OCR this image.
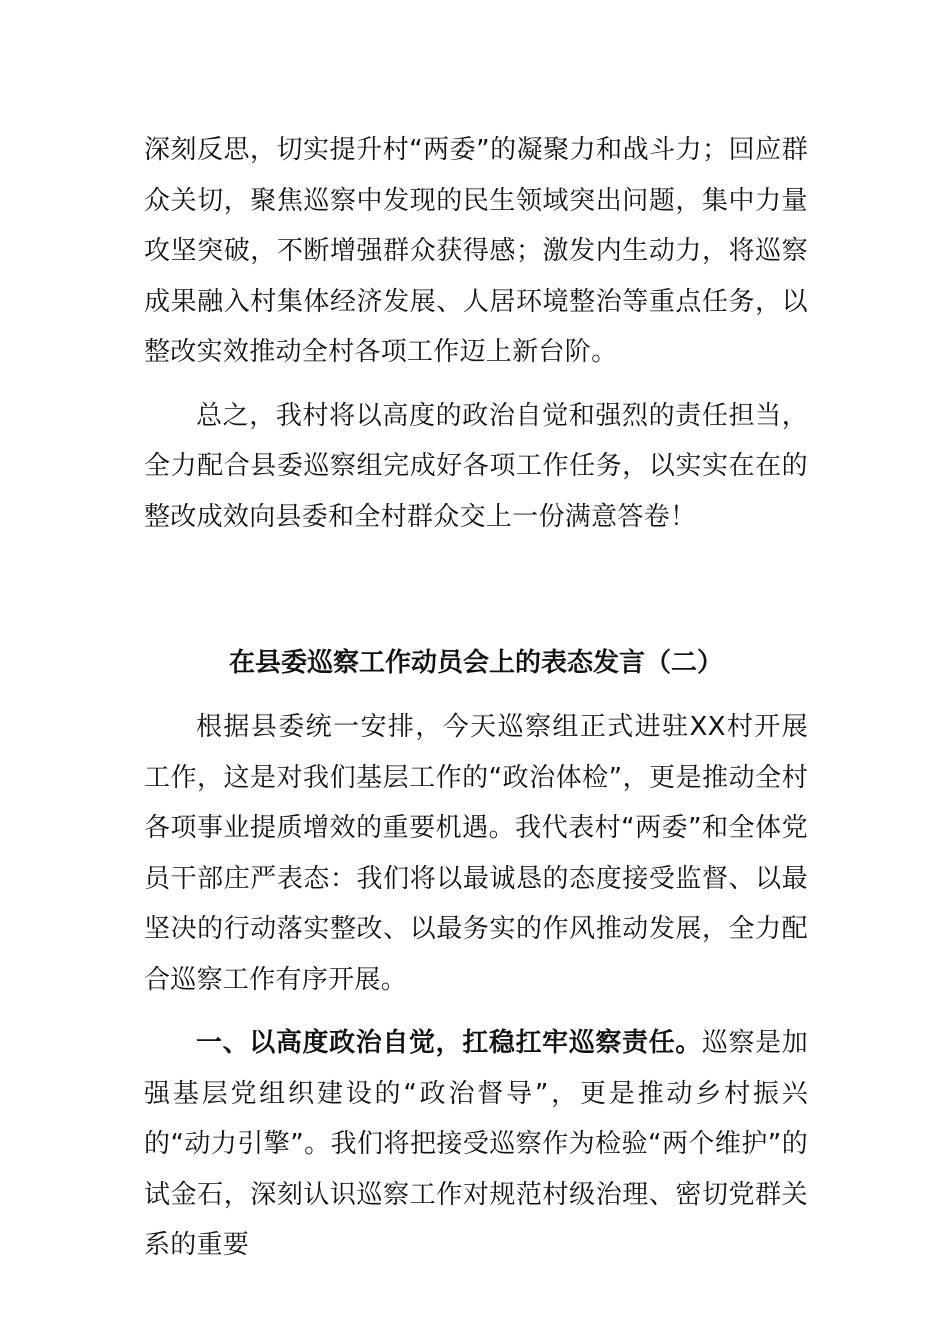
深刻反思，切实提升村“两委”的凝聚力和战斗力；回应群众关切，聚焦巡察中发现的民生领域突出问题，集中力量攻坚突破，不断增强群众获得感；激发内生动力，将巡察成果融入村集体经济发展、人居环境整治等重点任务，以整改实效推动全村各项工作迈上新台阶。

总之，我村将以高度的政治自觉和强烈的责任担当，全力配合县委巡察组完成好各项工作任务，以实实在在的整改成效向县委和全村群众交上一份满意答卷！

在县委巡察工作动员会上的表态发言（二）

根据县委统一安排，今天巡察组正式进驻XX村开展工作，这是对我们基层工作的“政治体检”，更是推动全村各项事业提质增效的重要机遇。我代表村“两委”和全体党员干部庄严表态：我们将以最诚恳的态度接受监督、以最坚决的行动落实整改、以最务实的作风推动发展，全力配合巡察工作有序开展。

一、以高度政治自觉，扛稳扛牢巡察责任。巡察是加强基层党组织建设的“政治督导”，更是推动乡村振兴的“动力引擎”。我们将把接受巡察作为检验“两个维护”的试金石，深刻认识巡察工作对规范村级治理、密切党群关系的重要
